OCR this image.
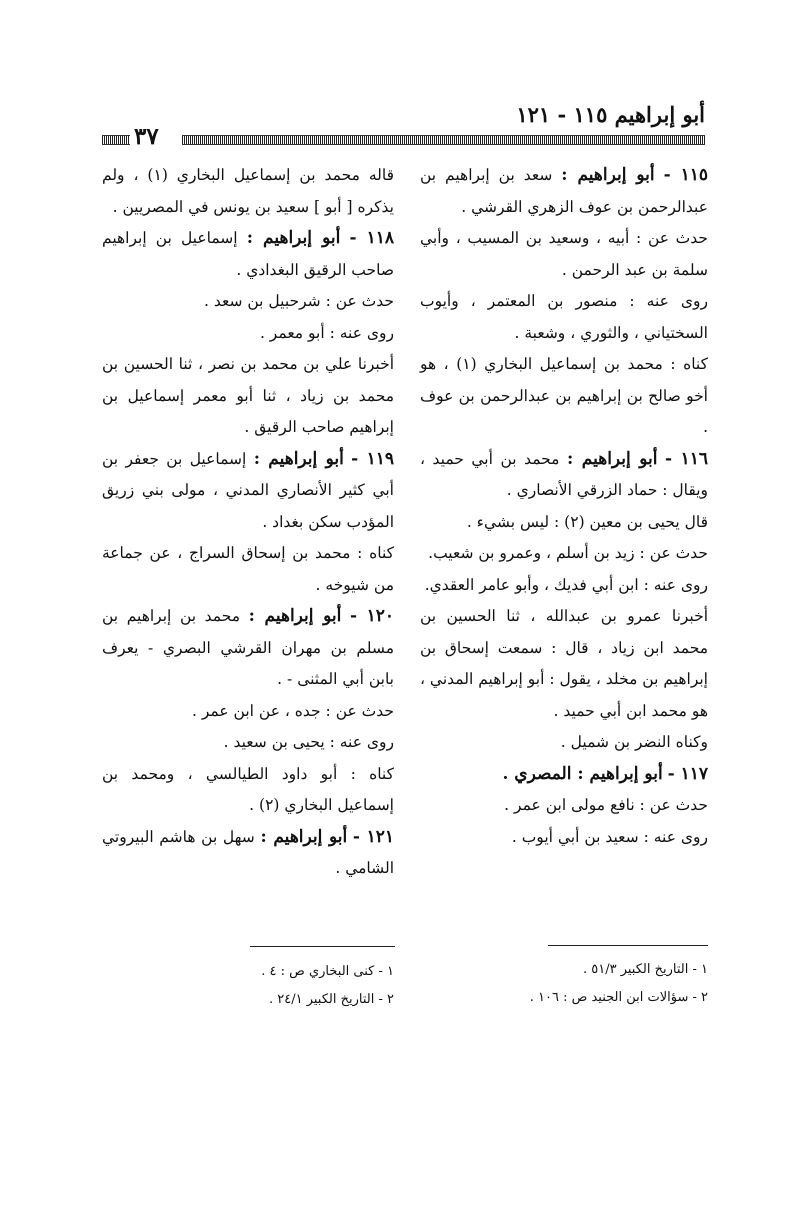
أبو إبراهيم ١١٥ - ١٢١
٣٧

١١٥ - أبو إبراهيم : سعد بن إبراهيم بن عبدالرحمن بن عوف الزهري القرشي .

حدث عن : أبيه ، وسعيد بن المسيب ، وأبي سلمة بن عبد الرحمن .

روى عنه : منصور بن المعتمر ، وأيوب السختياني ، والثوري ، وشعبة .

كناه : محمد بن إسماعيل البخاري (١) ، هو أخو صالح بن إبراهيم بن عبدالرحمن بن عوف .

١١٦ - أبو إبراهيم : محمد بن أبي حميد ، ويقال : حماد الزرقي الأنصاري .

قال يحيى بن معين (٢) : ليس بشيء .

حدث عن : زيد بن أسلم ، وعمرو بن شعيب.

روى عنه : ابن أبي فديك ، وأبو عامر العقدي.

أخبرنا عمرو بن عبدالله ، ثنا الحسين بن محمد ابن زياد ، قال : سمعت إسحاق بن إبراهيم بن مخلد ، يقول : أبو إبراهيم المدني ، هو محمد ابن أبي حميد .

وكناه النضر بن شميل .

١١٧ - أبو إبراهيم : المصري .

حدث عن : نافع مولى ابن عمر .

روى عنه : سعيد بن أبي أيوب .

قاله محمد بن إسماعيل البخاري (١) ، ولم يذكره [ أبو ] سعيد بن يونس في المصريين .

١١٨ - أبو إبراهيم : إسماعيل بن إبراهيم صاحب الرقيق البغدادي .

حدث عن : شرحبيل بن سعد .

روى عنه : أبو معمر .

أخبرنا علي بن محمد بن نصر ، ثنا الحسين بن محمد بن زياد ، ثنا أبو معمر إسماعيل بن إبراهيم صاحب الرقيق .

١١٩ - أبو إبراهيم : إسماعيل بن جعفر بن أبي كثير الأنصاري المدني ، مولى بني زريق المؤدب سكن بغداد .

كناه : محمد بن إسحاق السراج ، عن جماعة من شيوخه .

١٢٠ - أبو إبراهيم : محمد بن إبراهيم بن مسلم بن مهران القرشي البصري - يعرف بابن أبي المثنى - .

حدث عن : جده ، عن ابن عمر .

روى عنه : يحيى بن سعيد .

كناه : أبو داود الطيالسي ، ومحمد بن إسماعيل البخاري (٢) .

١٢١ - أبو إبراهيم : سهل بن هاشم البيروتي الشامي .

١ - التاريخ الكبير ٥١/٣ .

٢ - سؤالات ابن الجنيد ص : ١٠٦ .

١ - كنى البخاري ص : ٤ .

٢ - التاريخ الكبير ٢٤/١ .
